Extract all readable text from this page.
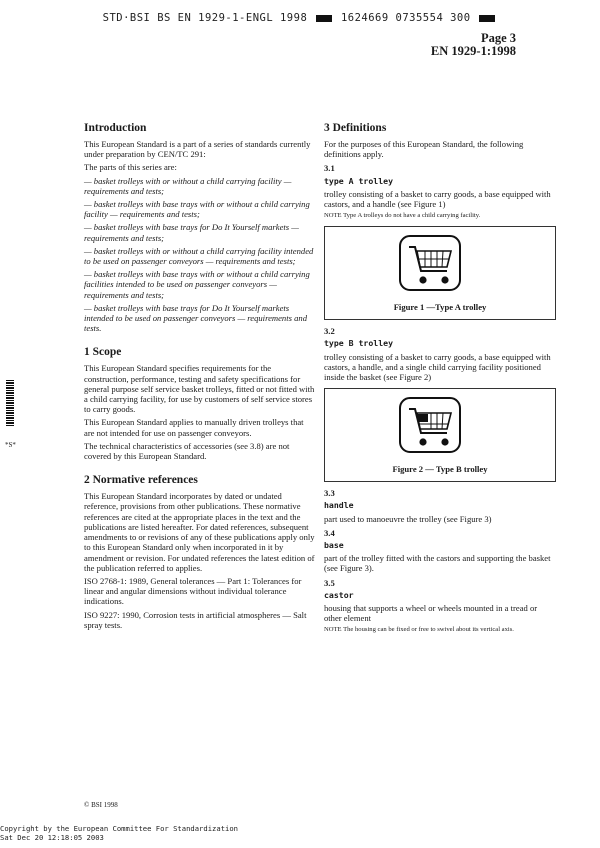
STD·BSI BS EN 1929-1-ENGL 1998	1624669 0735554 300
Page 3
EN 1929-1:1998
Introduction

This European Standard is a part of a series of standards currently under preparation by CEN/TC 291:

The parts of this series are:

— basket trolleys with or without a child carrying facility — requirements and tests;
— basket trolleys with base trays with or without a child carrying facility — requirements and tests;
— basket trolleys with base trays for Do It Yourself markets — requirements and tests;
— basket trolleys with or without a child carrying facility intended to be used on passenger conveyors — requirements and tests;
— basket trolleys with base trays with or without a child carrying facilities intended to be used on passenger conveyors — requirements and tests;
— basket trolleys with base trays for Do It Yourself markets intended to be used on passenger conveyors — requirements and tests.
1 Scope

This European Standard specifies requirements for the construction, performance, testing and safety specifications for general purpose self service basket trolleys, fitted or not fitted with a child carrying facility, for use by customers of self service stores to carry goods.

This European Standard applies to manually driven trolleys that are not intended for use on passenger conveyors.

The technical characteristics of accessories (see 3.8) are not covered by this European Standard.

2 Normative references

This European Standard incorporates by dated or undated reference, provisions from other publications. These normative references are cited at the appropriate places in the text and the publications are listed hereafter. For dated references, subsequent amendments to or revisions of any of these publications apply only to this European Standard only when incorporated in it by amendment or revision. For undated references the latest edition of the publication referred to applies.

ISO 2768-1: 1989, General tolerances — Part 1: Tolerances for linear and angular dimensions without individual tolerance indications.

ISO 9227: 1990, Corrosion tests in artificial atmospheres — Salt spray tests.

3 Definitions

For the purposes of this European Standard, the following definitions apply.

3.1
type A trolley

trolley consisting of a basket to carry goods, a base equipped with castors, and a handle (see Figure 1)

NOTE Type A trolleys do not have a child carrying facility.
Figure 1 —Type A trolley
3.2
type B trolley

trolley consisting of a basket to carry goods, a base equipped with castors, a handle, and a single child carrying facility positioned inside the basket (see Figure 2)

Figure 2 — Type B trolley
3.3
handle

part used to manoeuvre the trolley (see Figure 3)

3.4
base

part of the trolley fitted with the castors and supporting the basket (see Figure 3).

3.5
castor

housing that supports a wheel or wheels mounted in a tread or other element

NOTE The housing can be fixed or free to swivel about its vertical axis.
*S*
© BSI 1998
Copyright by the European Committee For Standardization
Sat Dec 20 12:18:05 2003
